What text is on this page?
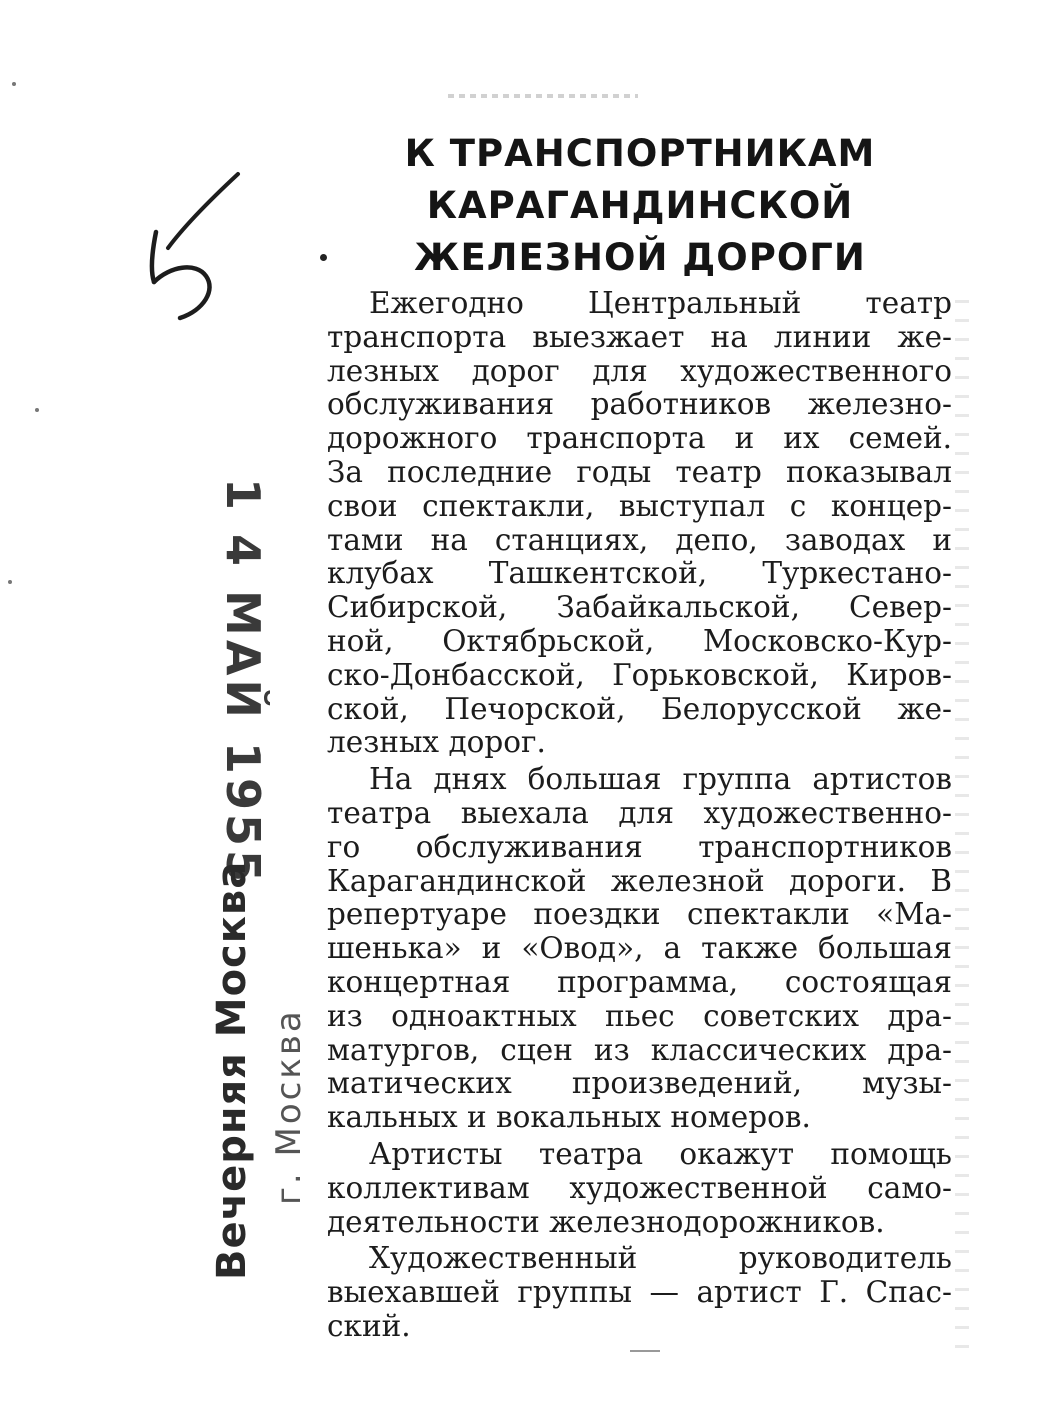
1 4 МАЙ 1955
Вечерняя Москва г. Москва
К ТРАНСПОРТНИКАМ
КАРАГАНДИНСКОЙ
ЖЕЛЕЗНОЙ ДОРОГИ
Ежегодно Центральный театр
транспорта выезжает на линии же-
лезных дорог для художественного
обслуживания работников железно-
дорожного транспорта и их семей.
За последние годы театр показывал
свои спектакли, выступал с концер-
тами на станциях, депо, заводах и
клубах Ташкентской, Туркестано-
Сибирской, Забайкальской, Север-
ной, Октябрьской, Московско-Кур-
ско-Донбасской, Горьковской, Киров-
ской, Печорской, Белорусской же-
лезных дорог.
На днях большая группа артистов
театра выехала для художественно-
го обслуживания транспортников
Карагандинской железной дороги. В
репертуаре поездки спектакли «Ма-
шенька» и «Овод», а также большая
концертная программа, состоящая
из одноактных пьес советских дра-
матургов, сцен из классических дра-
матических произведений, музы-
кальных и вокальных номеров.
Артисты театра окажут помощь
коллективам художественной само-
деятельности железнодорожников.
Художественный руководитель
выехавшей группы — артист Г. Спас-
ский.
